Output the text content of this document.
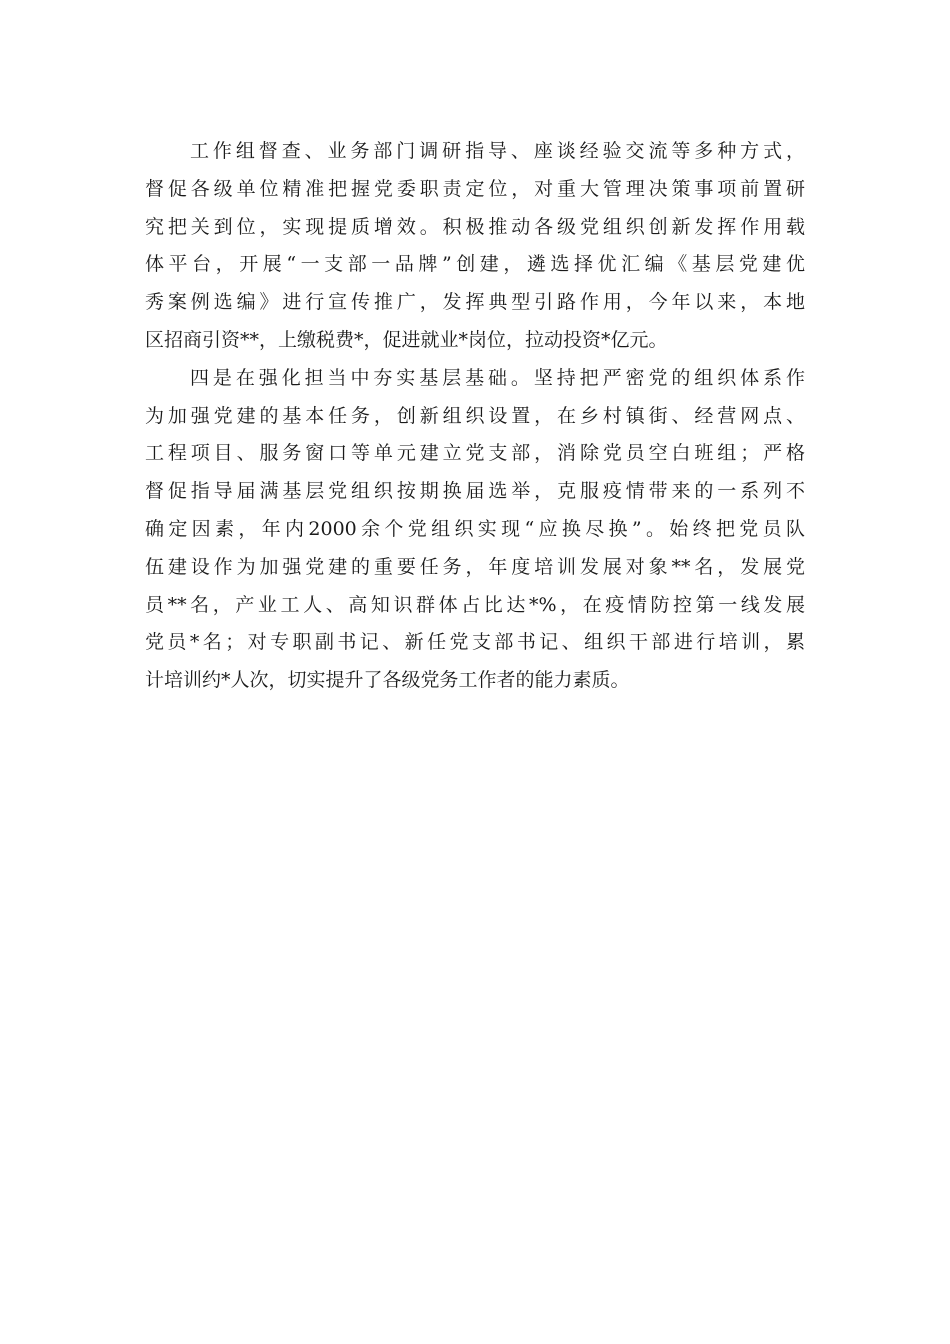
工作组督查、业务部门调研指导、座谈经验交流等多种方式，
督促各级单位精准把握党委职责定位，对重大管理决策事项前置研
究把关到位，实现提质增效。积极推动各级党组织创新发挥作用载
体平台，开展“一支部一品牌”创建，遴选择优汇编《基层党建优
秀案例选编》进行宣传推广，发挥典型引路作用，今年以来，本地
区招商引资**，上缴税费*，促进就业*岗位，拉动投资*亿元。
四是在强化担当中夯实基层基础。坚持把严密党的组织体系作
为加强党建的基本任务，创新组织设置，在乡村镇街、经营网点、
工程项目、服务窗口等单元建立党支部，消除党员空白班组；严格
督促指导届满基层党组织按期换届选举，克服疫情带来的一系列不
确定因素，年内2000余个党组织实现“应换尽换”。始终把党员队
伍建设作为加强党建的重要任务，年度培训发展对象**名，发展党
员**名，产业工人、高知识群体占比达*%，在疫情防控第一线发展
党员*名；对专职副书记、新任党支部书记、组织干部进行培训，累
计培训约*人次，切实提升了各级党务工作者的能力素质。
